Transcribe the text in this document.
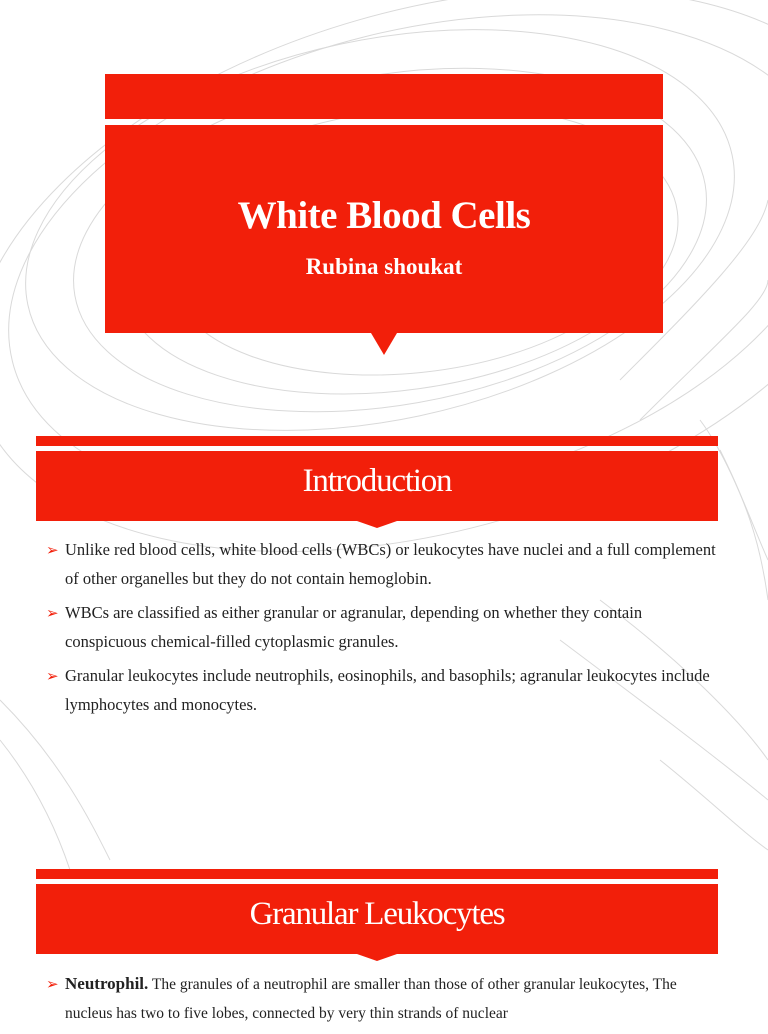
White Blood Cells
Rubina shoukat
Introduction
➢ Unlike red blood cells, white blood cells (WBCs) or leukocytes have nuclei and a full complement of other organelles but they do not contain hemoglobin.
➢ WBCs are classified as either granular or agranular, depending on whether they contain conspicuous chemical-filled cytoplasmic granules.
➢ Granular leukocytes include neutrophils, eosinophils, and basophils; agranular leukocytes include lymphocytes and monocytes.
Granular Leukocytes
➢ Neutrophil. The granules of a neutrophil are smaller than those of other granular leukocytes, The nucleus has two to five lobes, connected by very thin strands of nuclear
